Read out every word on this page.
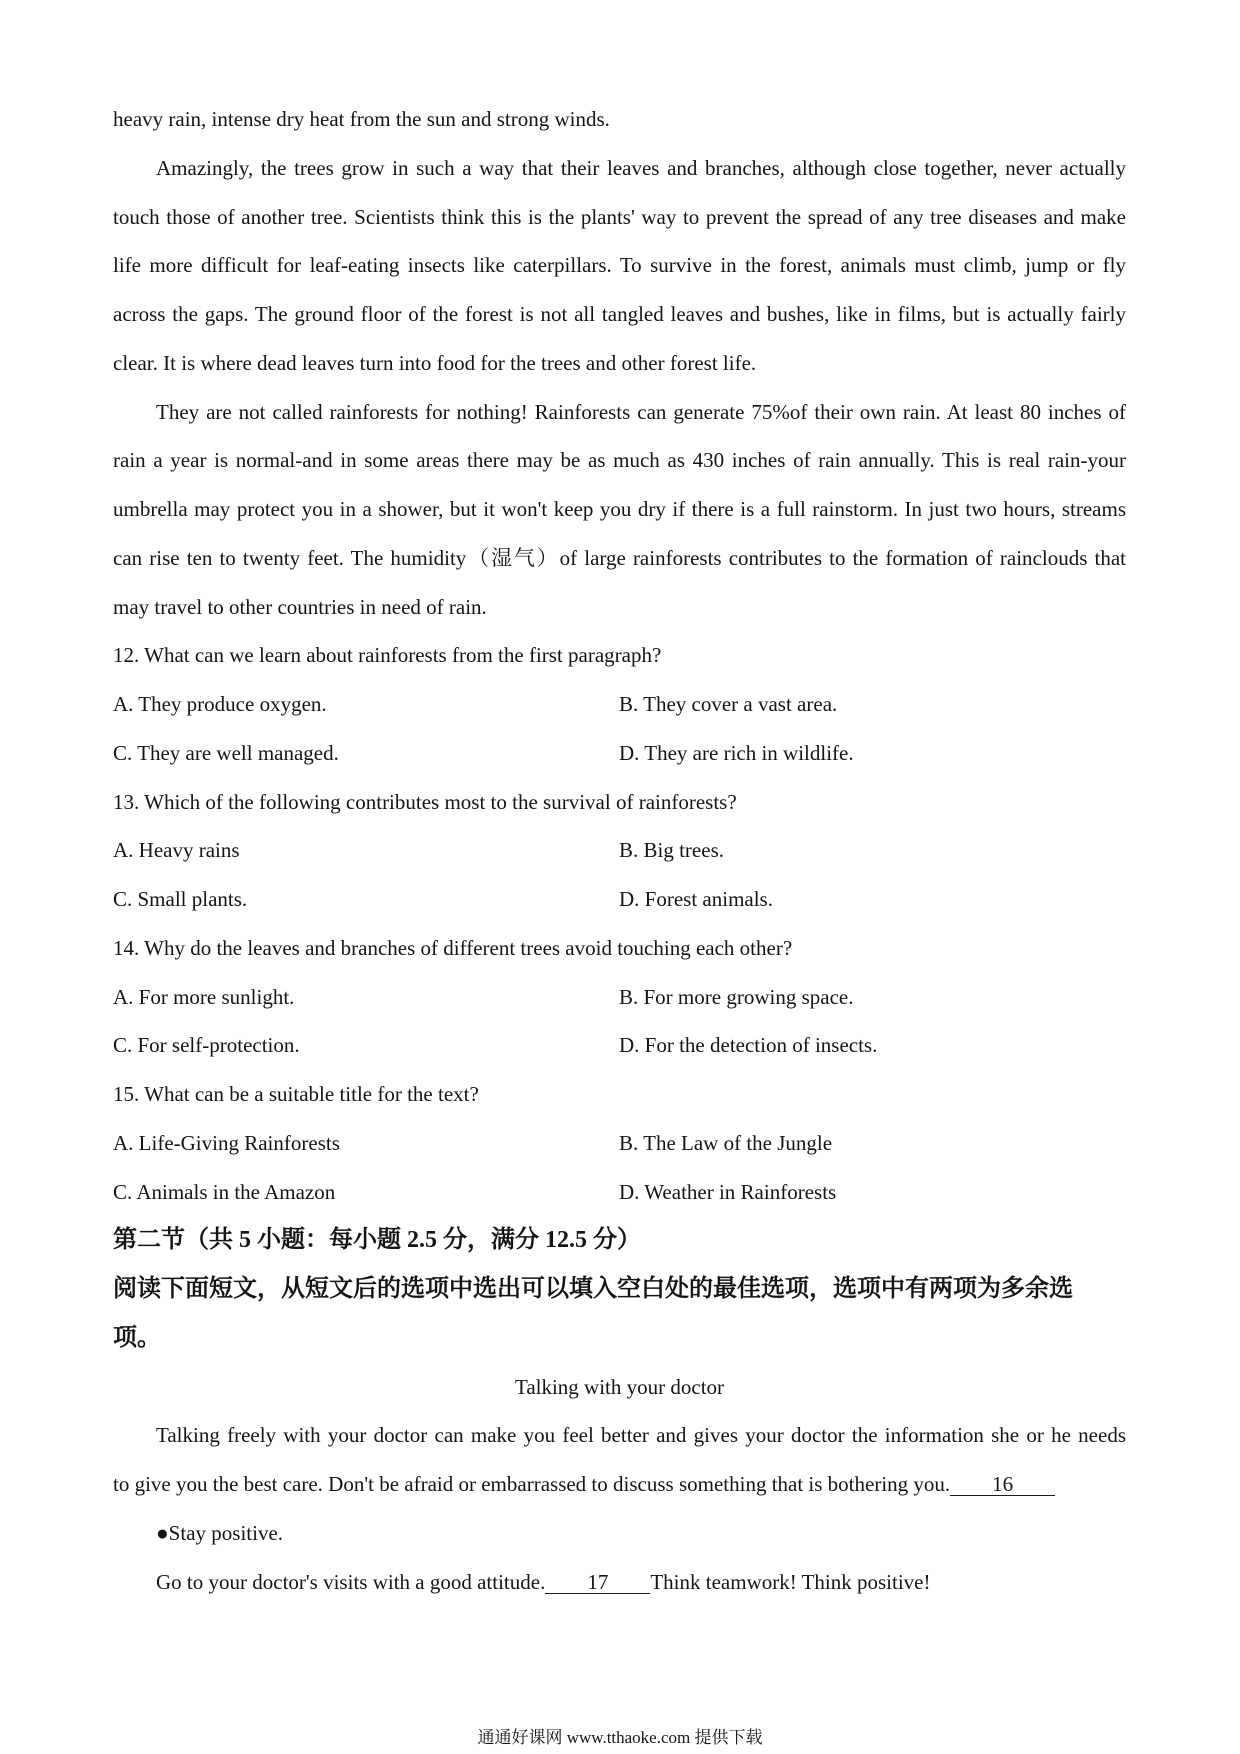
heavy rain, intense dry heat from the sun and strong winds.
Amazingly, the trees grow in such a way that their leaves and branches, although close together, never actually
touch those of another tree. Scientists think this is the plants' way to prevent the spread of any tree diseases and make
life more difficult for leaf-eating insects like caterpillars. To survive in the forest, animals must climb, jump or fly
across the gaps. The ground floor of the forest is not all tangled leaves and bushes, like in films, but is actually fairly
clear. It is where dead leaves turn into food for the trees and other forest life.
They are not called rainforests for nothing! Rainforests can generate 75%of their own rain. At least 80 inches of
rain a year is normal-and in some areas there may be as much as 430 inches of rain annually. This is real rain-your
umbrella may protect you in a shower, but it won't keep you dry if there is a full rainstorm. In just two hours, streams
can rise ten to twenty feet. The humidity（湿气）of large rainforests contributes to the formation of rainclouds that
may travel to other countries in need of rain.
12. What can we learn about rainforests from the first paragraph?
A. They produce oxygen.	B. They cover a vast area.
C. They are well managed.	D. They are rich in wildlife.
13. Which of the following contributes most to the survival of rainforests?
A. Heavy rains	B. Big trees.
C. Small plants.	D. Forest animals.
14. Why do the leaves and branches of different trees avoid touching each other?
A. For more sunlight.	B. For more growing space.
C. For self-protection.	D. For the detection of insects.
15. What can be a suitable title for the text?
A. Life-Giving Rainforests	B. The Law of the Jungle
C. Animals in the Amazon	D. Weather in Rainforests
第二节（共 5 小题：每小题 2.5 分，满分 12.5 分）
阅读下面短文，从短文后的选项中选出可以填入空白处的最佳选项，选项中有两项为多余选
项。
Talking with your doctor
Talking freely with your doctor can make you feel better and gives your doctor the information she or he needs
to give you the best care. Don't be afraid or embarrassed to discuss something that is bothering you. 16
●Stay positive.
Go to your doctor's visits with a good attitude. 17 Think teamwork! Think positive!
通通好课网 www.tthaoke.com 提供下载
